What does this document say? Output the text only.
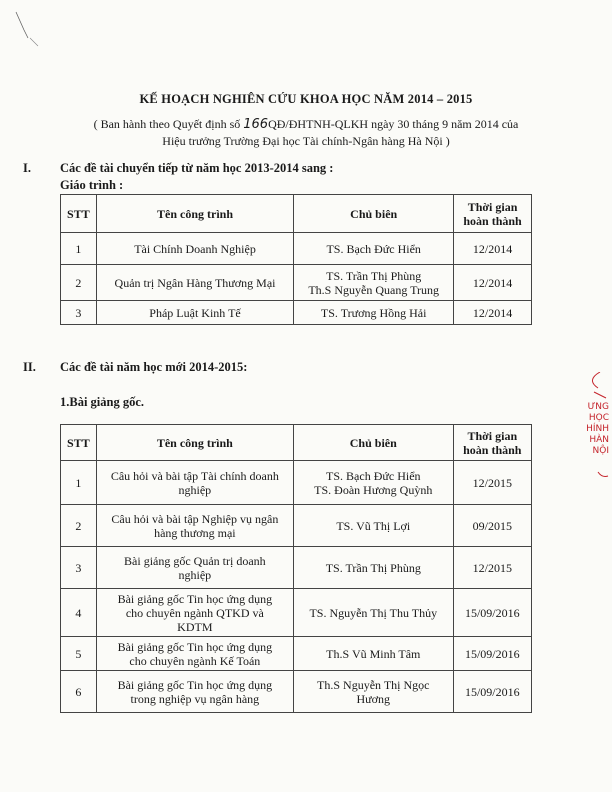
KẾ HOẠCH NGHIÊN CỨU KHOA HỌC NĂM 2014 – 2015
( Ban hành theo Quyết định số 166QĐ/ĐHTNH-QLKH ngày 30 tháng 9 năm 2014 của
Hiệu trưởng Trường Đại học Tài chính-Ngân hàng Hà Nội )
I. Các đề tài chuyển tiếp từ năm học 2013-2014 sang :
Giáo trình :
STT	Tên công trình	Chủ biên	Thời gian
hoàn thành
1	Tài Chính Doanh Nghiệp	TS. Bạch Đức Hiển	12/2014
2	Quản trị Ngân Hàng Thương Mại	TS. Trần Thị Phùng
Th.S Nguyễn Quang Trung	12/2014
3	Pháp Luật Kinh Tế	TS. Trương Hồng Hải	12/2014
II. Các đề tài năm học mới 2014-2015:
1.Bài giảng gốc.
STT	Tên công trình	Chủ biên	Thời gian
hoàn thành
1	Câu hỏi và bài tập Tài chính doanh
nghiệp	TS. Bạch Đức Hiển
TS. Đoàn Hương Quỳnh	12/2015
2	Câu hỏi và bài tập Nghiệp vụ ngân
hàng thương mại	TS. Vũ Thị Lợi	09/2015
3	Bài giảng gốc Quản trị doanh
nghiệp	TS. Trần Thị Phùng	12/2015
4	Bài giảng gốc Tin học ứng dụng
cho chuyên ngành QTKD và
KDTM	TS. Nguyễn Thị Thu Thủy	15/09/2016
5	Bài giảng gốc Tin học ứng dụng
cho chuyên ngành Kế Toán	Th.S Vũ Minh Tâm	15/09/2016
6	Bài giảng gốc Tin học ứng dụng
trong nghiệp vụ ngân hàng	Th.S Nguyễn Thị Ngọc
Hương	15/09/2016
ƯNG
HỌC
HÍNH
HÀN
NỘI
